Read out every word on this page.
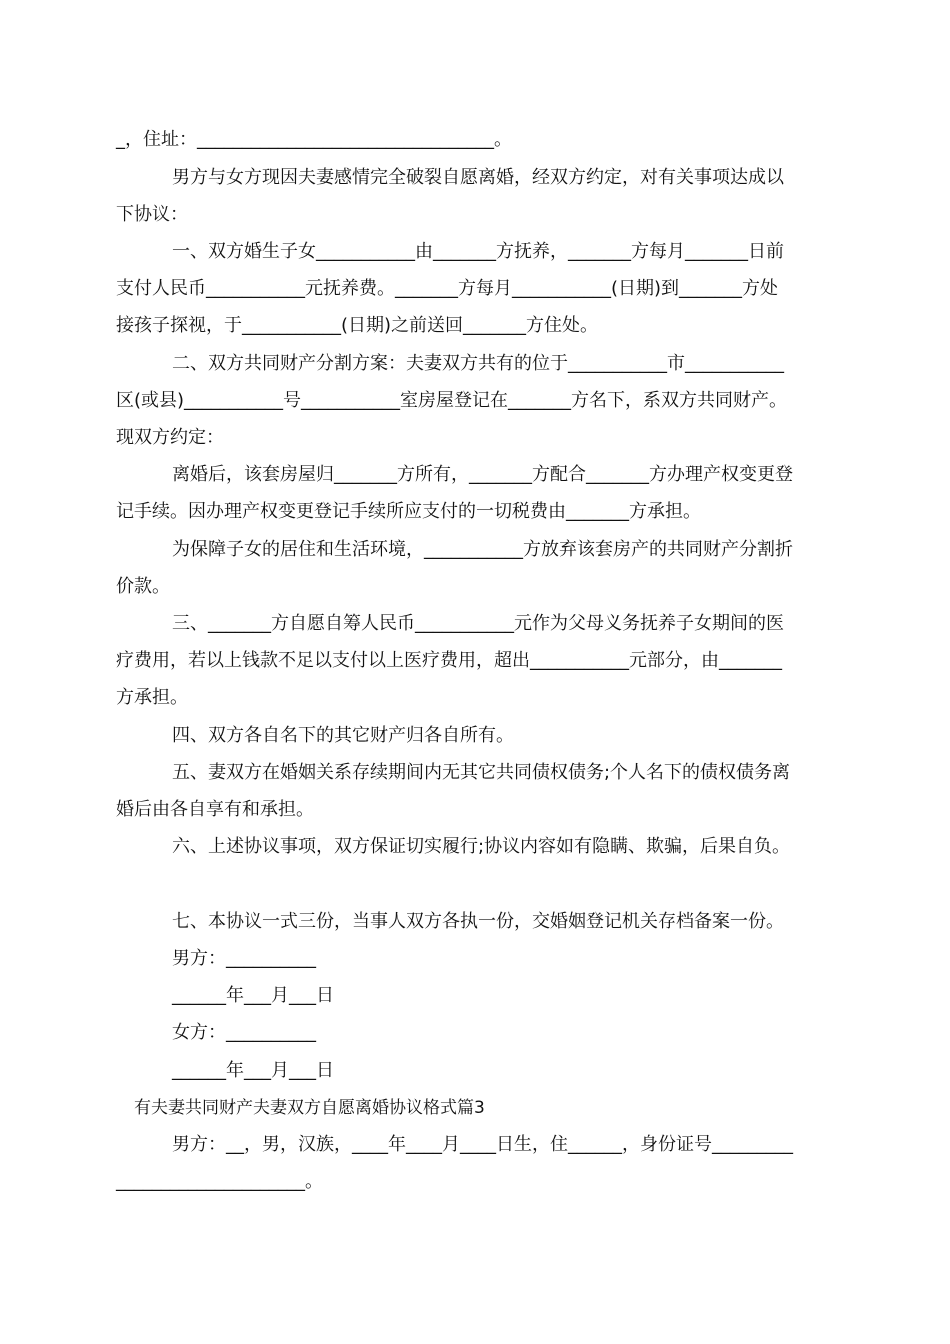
_，住址：_________________________________。
男方与女方现因夫妻感情完全破裂自愿离婚，经双方约定，对有关事项达成以
下协议：
一、双方婚生子女___________由_______方抚养，_______方每月_______日前
支付人民币___________元抚养费。_______方每月___________(日期)到_______方处
接孩子探视，于___________(日期)之前送回_______方住处。
二、双方共同财产分割方案：夫妻双方共有的位于___________市___________
区(或县)___________号___________室房屋登记在_______方名下，系双方共同财产。
现双方约定：
离婚后，该套房屋归_______方所有，_______方配合_______方办理产权变更登
记手续。因办理产权变更登记手续所应支付的一切税费由_______方承担。
为保障子女的居住和生活环境，___________方放弃该套房产的共同财产分割折
价款。
三、_______方自愿自筹人民币___________元作为父母义务抚养子女期间的医
疗费用，若以上钱款不足以支付以上医疗费用，超出___________元部分，由_______
方承担。
四、双方各自名下的其它财产归各自所有。
五、妻双方在婚姻关系存续期间内无其它共同债权债务;个人名下的债权债务离
婚后由各自享有和承担。
六、上述协议事项，双方保证切实履行;协议内容如有隐瞒、欺骗，后果自负。
七、本协议一式三份，当事人双方各执一份，交婚姻登记机关存档备案一份。
男方：__________
______年___月___日
女方：__________
______年___月___日
有夫妻共同财产夫妻双方自愿离婚协议格式篇3
男方：__，男，汉族，____年____月____日生，住______，身份证号_________
_____________________。
